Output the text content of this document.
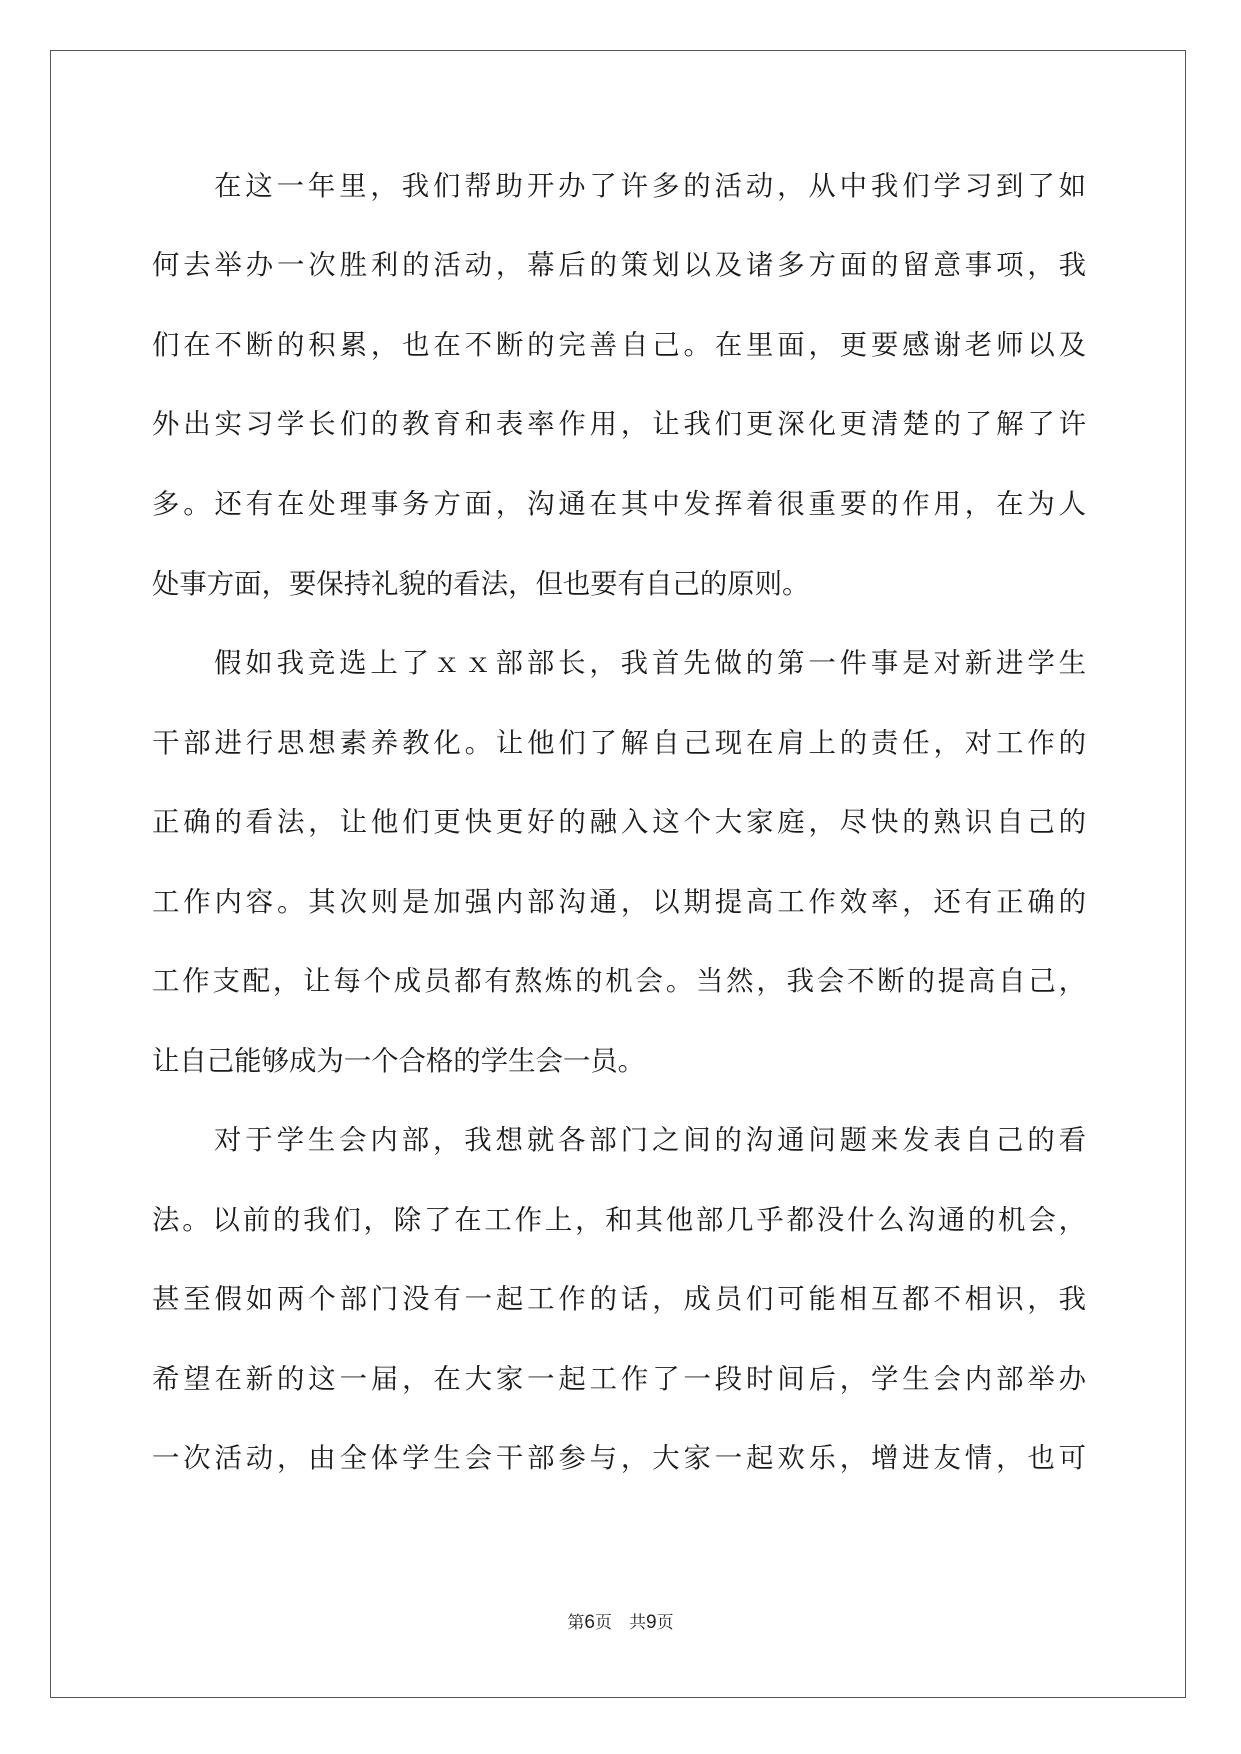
在这一年里，我们帮助开办了许多的活动，从中我们学习到了如
何去举办一次胜利的活动，幕后的策划以及诸多方面的留意事项，我
们在不断的积累，也在不断的完善自己。在里面，更要感谢老师以及
外出实习学长们的教育和表率作用，让我们更深化更清楚的了解了许
多。还有在处理事务方面，沟通在其中发挥着很重要的作用，在为人
处事方面，要保持礼貌的看法，但也要有自己的原则。
假如我竞选上了ｘｘ部部长，我首先做的第一件事是对新进学生
干部进行思想素养教化。让他们了解自己现在肩上的责任，对工作的
正确的看法，让他们更快更好的融入这个大家庭，尽快的熟识自己的
工作内容。其次则是加强内部沟通，以期提高工作效率，还有正确的
工作支配，让每个成员都有熬炼的机会。当然，我会不断的提高自己，
让自己能够成为一个合格的学生会一员。
对于学生会内部，我想就各部门之间的沟通问题来发表自己的看
法。以前的我们，除了在工作上，和其他部几乎都没什么沟通的机会，
甚至假如两个部门没有一起工作的话，成员们可能相互都不相识，我
希望在新的这一届，在大家一起工作了一段时间后，学生会内部举办
一次活动，由全体学生会干部参与，大家一起欢乐，增进友情，也可
第6页　共9页
